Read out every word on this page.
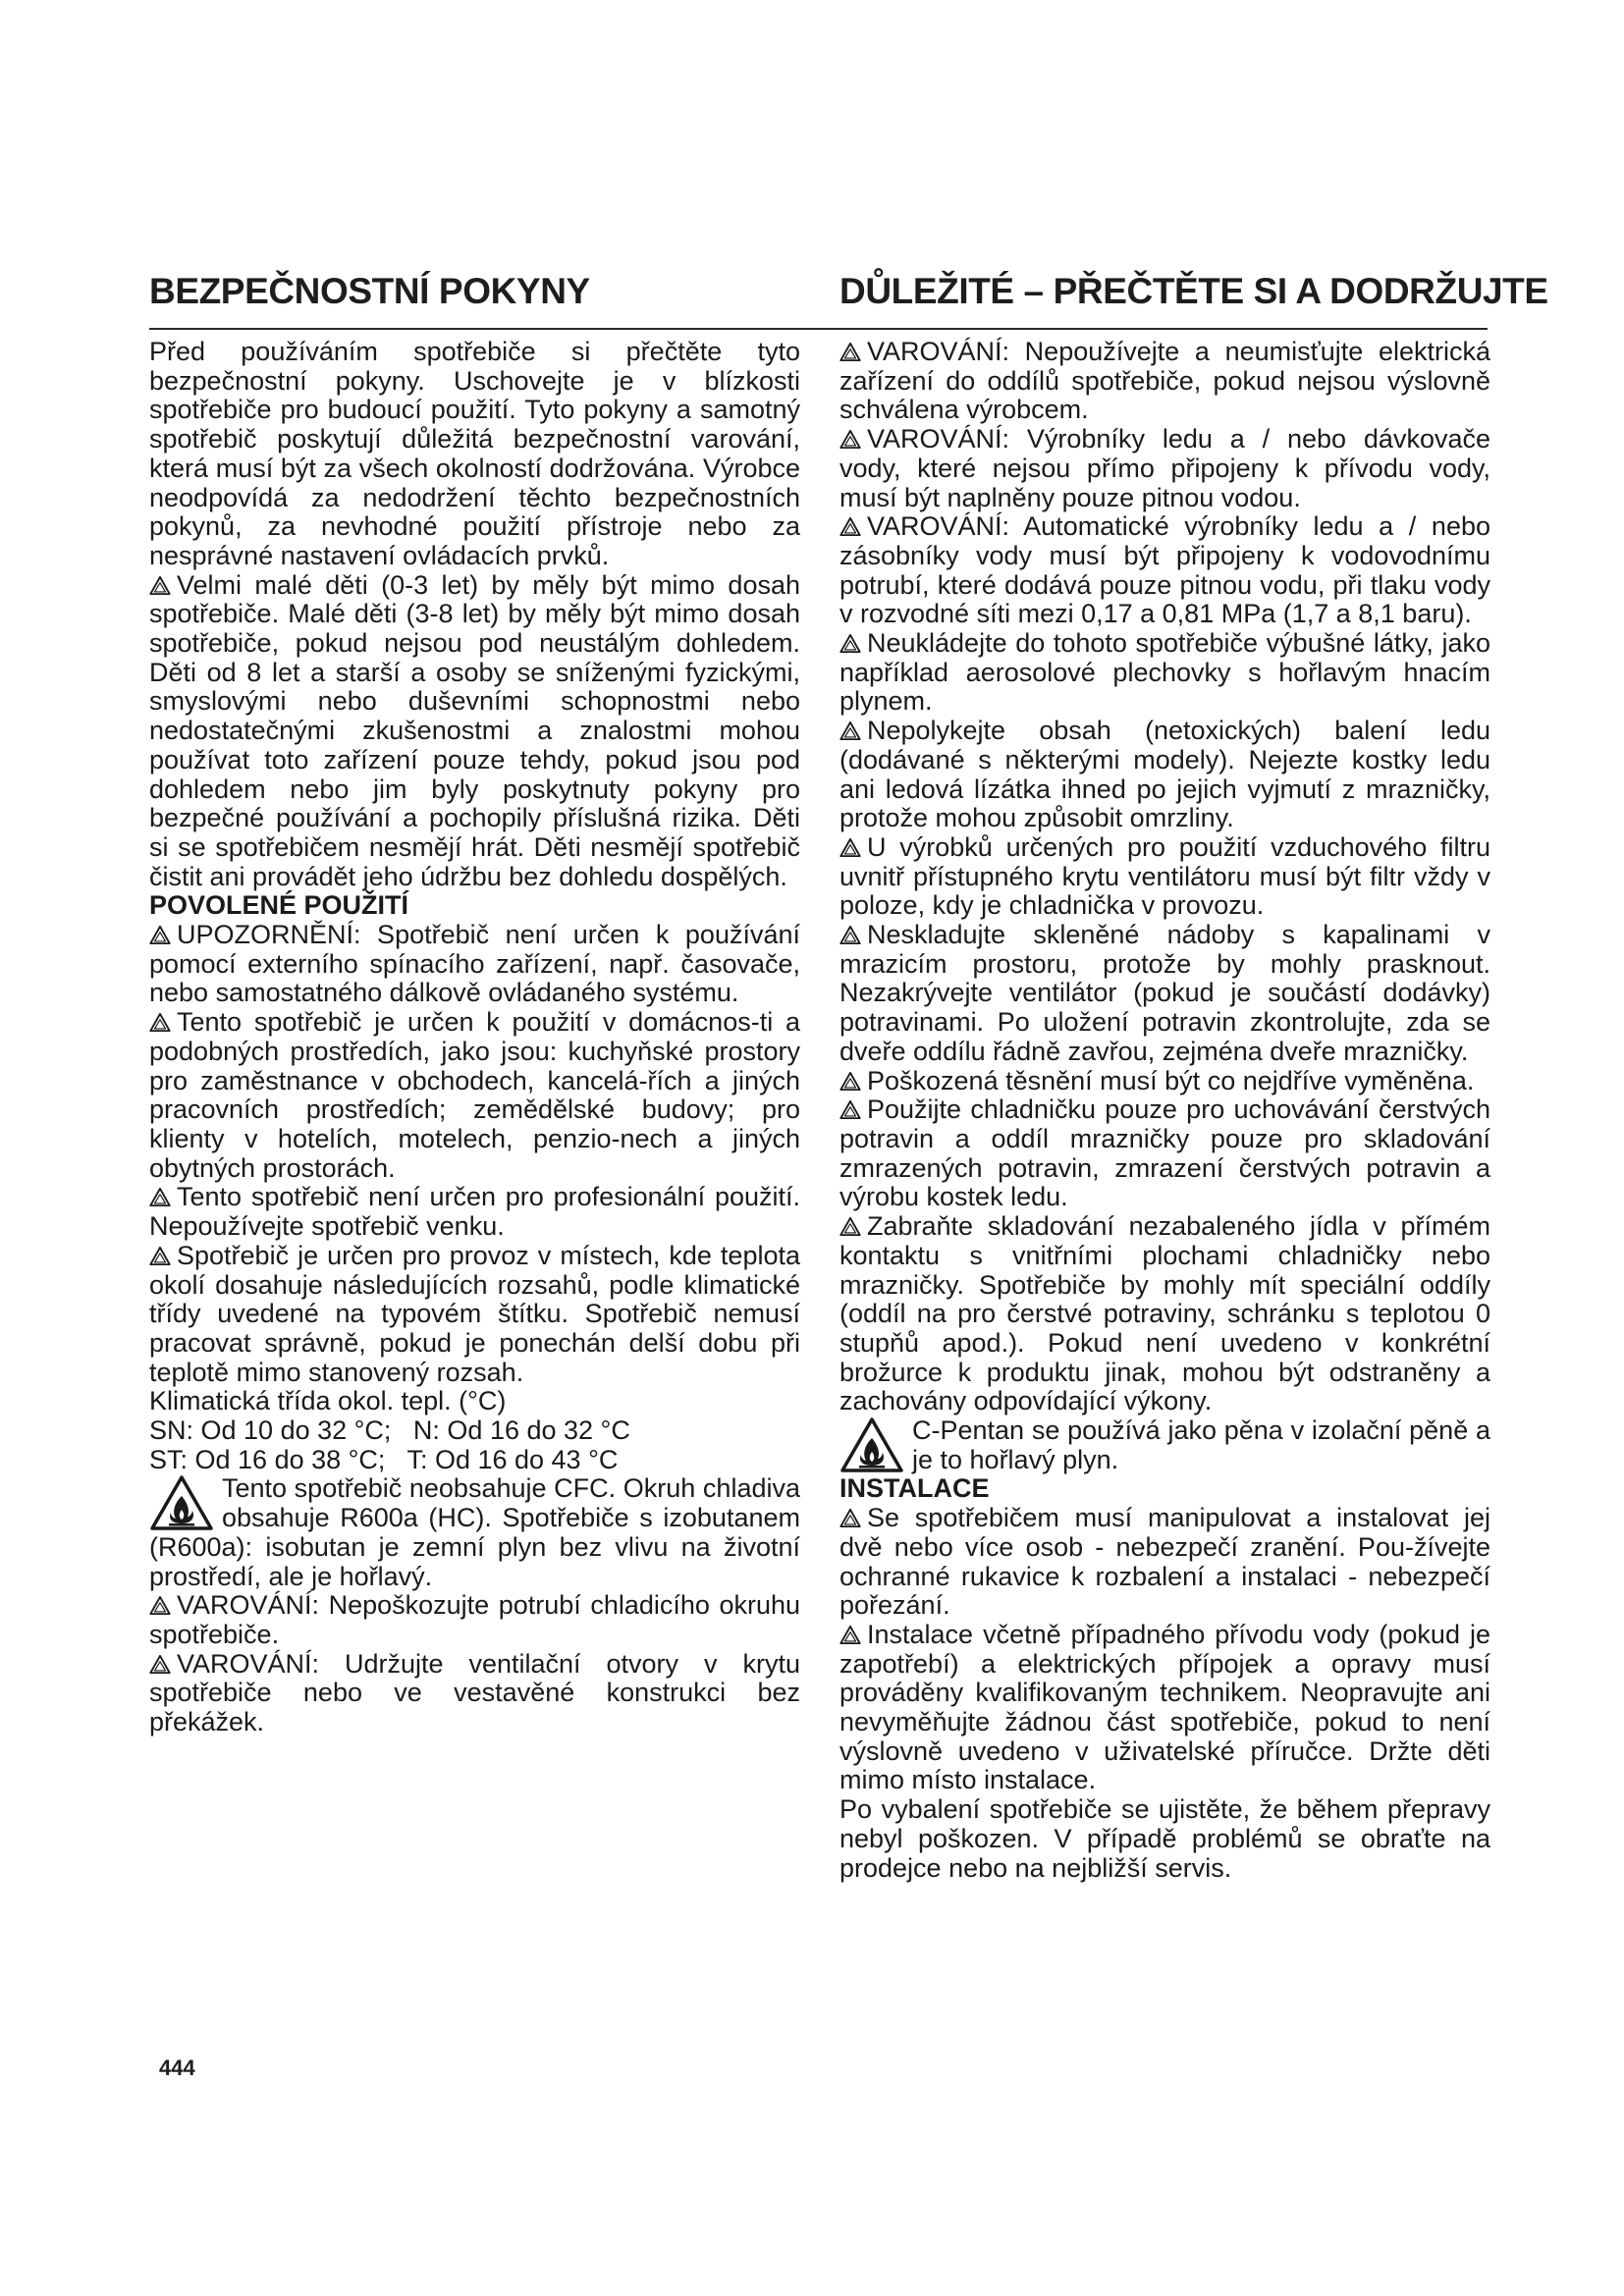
BEZPEČNOSTNÍ POKYNY	DŮLEŽITÉ – PŘEČTĚTE SI A DODRŽUJTE

Před používáním spotřebiče si přečtěte tyto bezpečnostní pokyny. Uschovejte je v blízkosti spotřebiče pro budoucí použití. Tyto pokyny a samotný spotřebič poskytují důležitá bezpečnostní varování, která musí být za všech okolností dodržována. Výrobce neodpovídá za nedodržení těchto bezpečnostních pokynů, za nevhodné použití přístroje nebo za nesprávné nastavení ovládacích prvků.

Velmi malé děti (0-3 let) by měly být mimo dosah spotřebiče. Malé děti (3-8 let) by měly být mimo dosah spotřebiče, pokud nejsou pod neustálým dohledem. Děti od 8 let a starší a osoby se sníženými fyzickými, smyslovými nebo duševními schopnostmi nebo nedostatečnými zkušenostmi a znalostmi mohou používat toto zařízení pouze tehdy, pokud jsou pod dohledem nebo jim byly poskytnuty pokyny pro bezpečné používání a pochopily příslušná rizika. Děti si se spotřebičem nesmějí hrát. Děti nesmějí spotřebič čistit ani provádět jeho údržbu bez dohledu dospělých.

POVOLENÉ POUŽITÍ

UPOZORNĚNÍ: Spotřebič není určen k používání pomocí externího spínacího zařízení, např. časovače, nebo samostatného dálkově ovládaného systému.

Tento spotřebič je určen k použití v domácnos-ti a podobných prostředích, jako jsou: kuchyňské prostory pro zaměstnance v obchodech, kancelá-řích a jiných pracovních prostředích; zemědělské budovy; pro klienty v hotelích, motelech, penzio-nech a jiných obytných prostorách.

Tento spotřebič není určen pro profesionální použití. Nepoužívejte spotřebič venku.

Spotřebič je určen pro provoz v místech, kde teplota okolí dosahuje následujících rozsahů, podle klimatické třídy uvedené na typovém štítku. Spotřebič nemusí pracovat správně, pokud je ponechán delší dobu při teplotě mimo stanovený rozsah.

Klimatická třída okol. tepl. (°C)

SN: Od 10 do 32 °C;   N: Od 16 do 32 °C

ST: Od 16 do 38 °C;   T: Od 16 do 43 °C

Tento spotřebič neobsahuje CFC. Okruh chladiva obsahuje R600a (HC). Spotřebiče s izobutanem (R600a): isobutan je zemní plyn bez vlivu na životní prostředí, ale je hořlavý.

VAROVÁNÍ: Nepoškozujte potrubí chladicího okruhu spotřebiče.

VAROVÁNÍ: Udržujte ventilační otvory v krytu spotřebiče nebo ve vestavěné konstrukci bez překážek.

VAROVÁNÍ: Nepoužívejte a neumisťujte elektrická zařízení do oddílů spotřebiče, pokud nejsou výslovně schválena výrobcem.

VAROVÁNÍ: Výrobníky ledu a / nebo dávkovače vody, které nejsou přímo připojeny k přívodu vody, musí být naplněny pouze pitnou vodou.

VAROVÁNÍ: Automatické výrobníky ledu a / nebo zásobníky vody musí být připojeny k vodovodnímu potrubí, které dodává pouze pitnou vodu, při tlaku vody v rozvodné síti mezi 0,17 a 0,81 MPa (1,7 a 8,1 baru).

Neukládejte do tohoto spotřebiče výbušné látky, jako například aerosolové plechovky s hořlavým hnacím plynem.

Nepolykejte obsah (netoxických) balení ledu (dodávané s některými modely). Nejezte kostky ledu ani ledová lízátka ihned po jejich vyjmutí z mrazničky, protože mohou způsobit omrzliny.

U výrobků určených pro použití vzduchového filtru uvnitř přístupného krytu ventilátoru musí být filtr vždy v poloze, kdy je chladnička v provozu.

Neskladujte skleněné nádoby s kapalinami v mrazicím prostoru, protože by mohly prasknout. Nezakrývejte ventilátor (pokud je součástí dodávky) potravinami. Po uložení potravin zkontrolujte, zda se dveře oddílu řádně zavřou, zejména dveře mrazničky.

Poškozená těsnění musí být co nejdříve vyměněna.

Použijte chladničku pouze pro uchovávání čerstvých potravin a oddíl mrazničky pouze pro skladování zmrazených potravin, zmrazení čerstvých potravin a výrobu kostek ledu.

Zabraňte skladování nezabaleného jídla v přímém kontaktu s vnitřními plochami chladničky nebo mrazničky. Spotřebiče by mohly mít speciální oddíly (oddíl na pro čerstvé potraviny, schránku s teplotou 0 stupňů apod.). Pokud není uvedeno v konkrétní brožurce k produktu jinak, mohou být odstraněny a zachovány odpovídající výkony.

C-Pentan se používá jako pěna v izolační pěně a je to hořlavý plyn.

INSTALACE

Se spotřebičem musí manipulovat a instalovat jej dvě nebo více osob - nebezpečí zranění. Pou-žívejte ochranné rukavice k rozbalení a instalaci - nebezpečí pořezání.

Instalace včetně případného přívodu vody (pokud je zapotřebí) a elektrických přípojek a opravy musí prováděny kvalifikovaným technikem. Neopravujte ani nevyměňujte žádnou část spotřebiče, pokud to není výslovně uvedeno v uživatelské příručce. Držte děti mimo místo instalace.

Po vybalení spotřebiče se ujistěte, že během přepravy nebyl poškozen. V případě problémů se obraťte na prodejce nebo na nejbližší servis.

444
